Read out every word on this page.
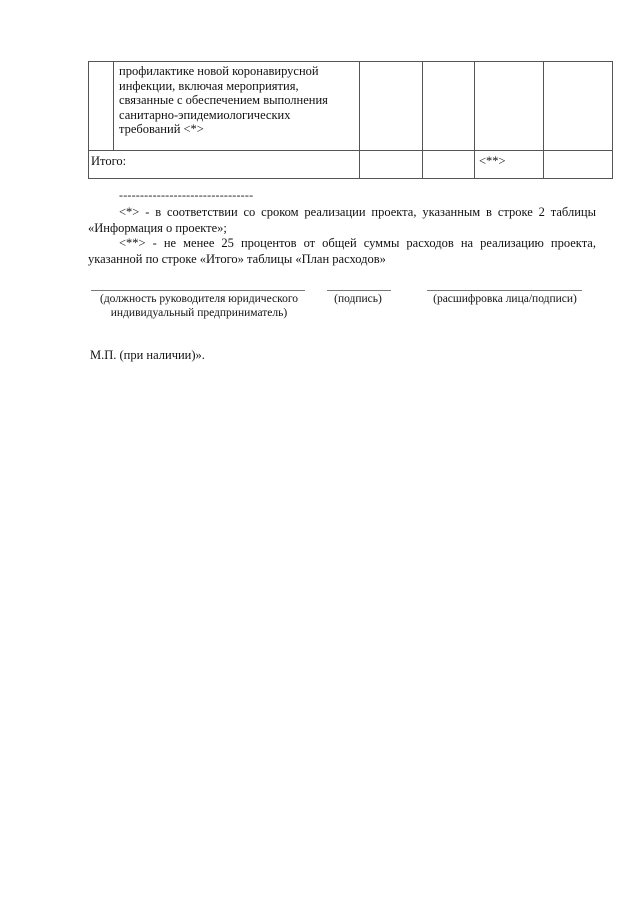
	профилактике новой коронавирусной

инфекции, включая мероприятия,

связанные с обеспечением выполнения

санитарно-эпидемиологических

требований <*>				

Итого:				<**>	
--------------------------------

<*> - в соответствии со сроком реализации проекта, указанным в строке 2 таблицы «Информация о проекте»;

<**> - не менее 25 процентов от общей суммы расходов на реализацию проекта, указанной по строке «Итого» таблицы «План расходов»

(должность руководителя юридического индивидуальный предприниматель)
(подпись)	(расшифровка лица/подписи)
М.П. (при наличии)».
